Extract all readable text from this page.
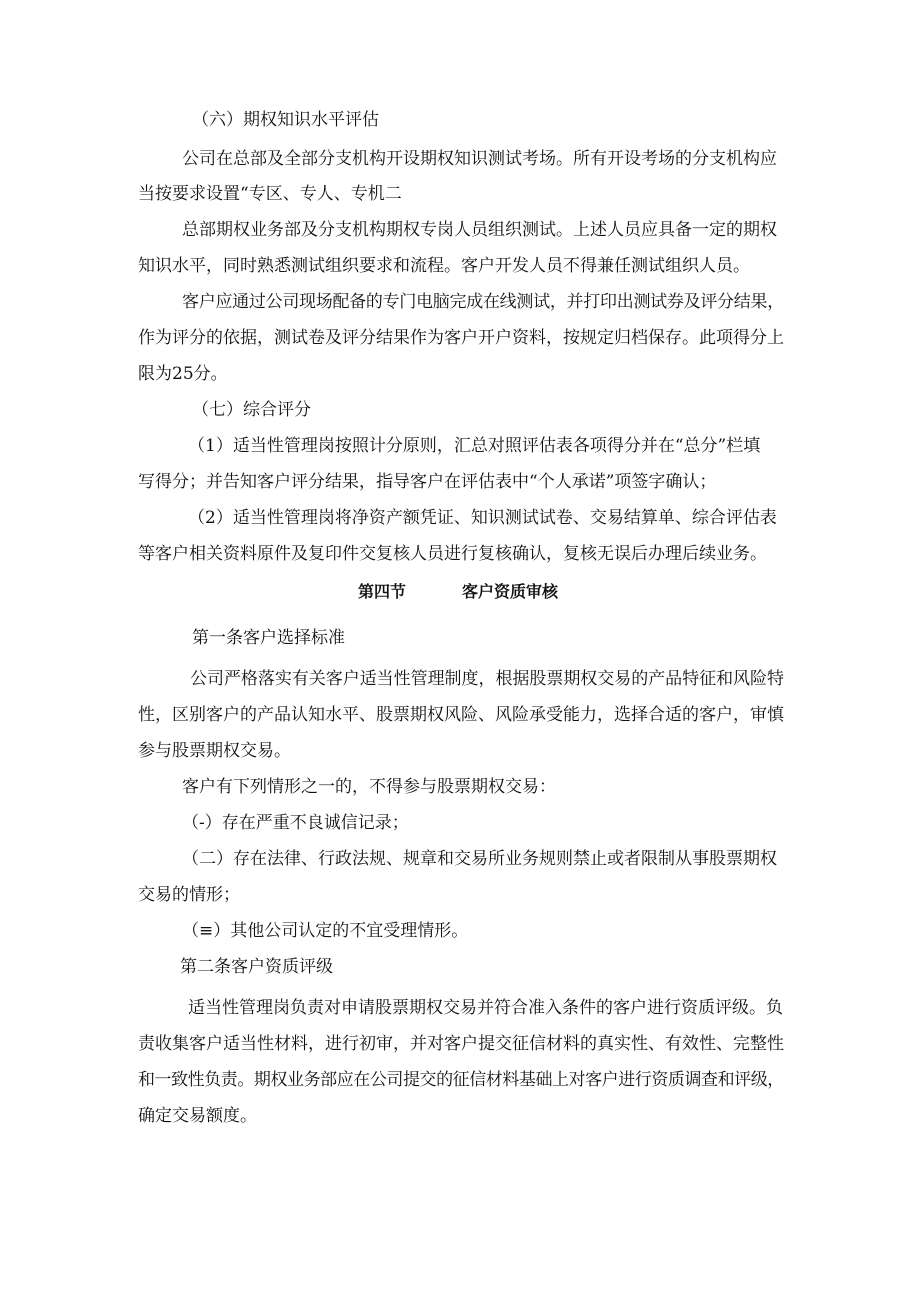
（六）期权知识水平评估
公司在总部及全部分支机构开设期权知识测试考场。所有开设考场的分支机构应
当按要求设置“专区、专人、专机二
总部期权业务部及分支机构期权专岗人员组织测试。上述人员应具备一定的期权
知识水平，同时熟悉测试组织要求和流程。客户开发人员不得兼任测试组织人员。
客户应通过公司现场配备的专门电脑完成在线测试，并打印出测试券及评分结果，
作为评分的依据，测试卷及评分结果作为客户开户资料，按规定归档保存。此项得分上
限为25分。
（七）综合评分
（1）适当性管理岗按照计分原则，汇总对照评估表各项得分并在“总分”栏填
写得分；并告知客户评分结果，指导客户在评估表中“个人承诺”项签字确认；
（2）适当性管理岗将净资产额凭证、知识测试试卷、交易结算单、综合评估表
等客户相关资料原件及复印件交复核人员进行复核确认，复核无误后办理后续业务。
第四节	客户资质审核
第一条客户选择标准
公司严格落实有关客户适当性管理制度，根据股票期权交易的产品特征和风险特
性，区别客户的产品认知水平、股票期权风险、风险承受能力，选择合适的客户，审慎
参与股票期权交易。
客户有下列情形之一的，不得参与股票期权交易：
（-）存在严重不良诚信记录；
（二）存在法律、行政法规、规章和交易所业务规则禁止或者限制从事股票期权
交易的情形；
（≡）其他公司认定的不宜受理情形。
第二条客户资质评级
适当性管理岗负责对申请股票期权交易并符合准入条件的客户进行资质评级。负
责收集客户适当性材料，进行初审，并对客户提交征信材料的真实性、有效性、完整性
和一致性负责。期权业务部应在公司提交的征信材料基础上对客户进行资质调查和评级，
确定交易额度。
